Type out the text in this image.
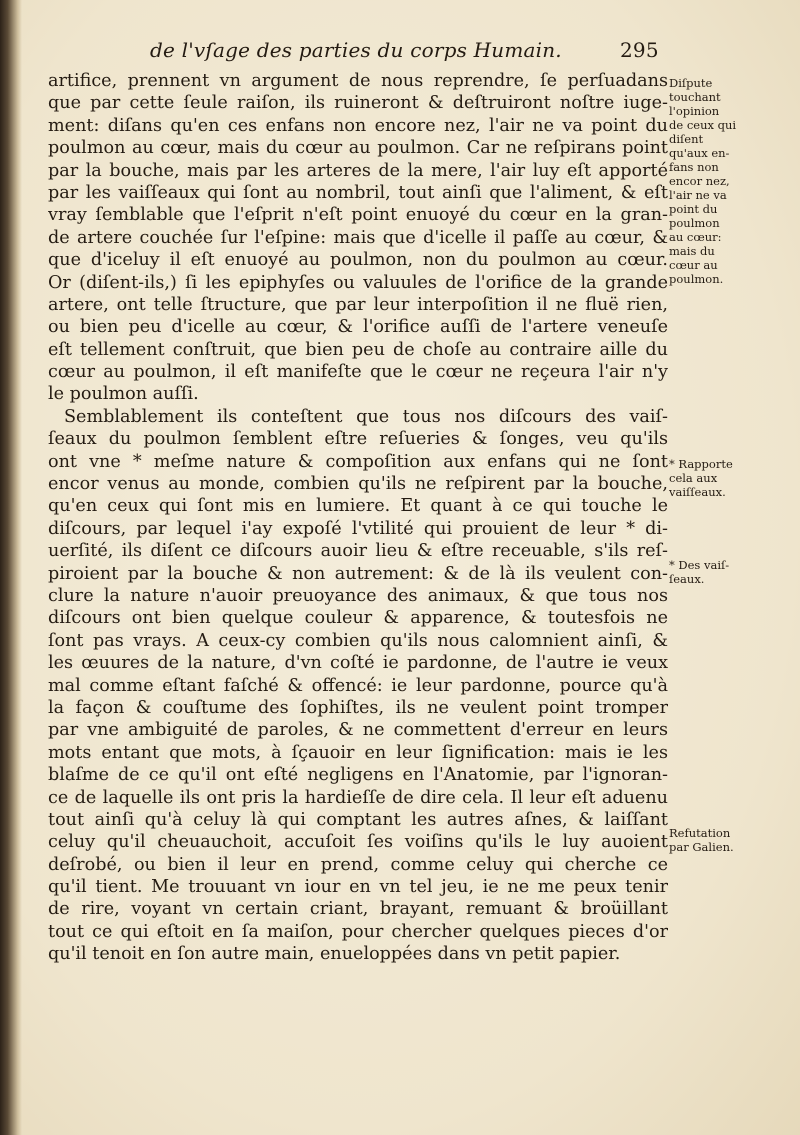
de l'vſage des parties du corps Humain.	295
artifice, prennent vn argument de nous reprendre, ſe perſuadans
que par cette ſeule raiſon, ils ruineront & deſtruiront noſtre iuge-
ment: diſans qu'en ces enfans non encore nez, l'air ne va point du
poulmon au cœur, mais du cœur au poulmon. Car ne reſpirans point
par la bouche, mais par les arteres de la mere, l'air luy eſt apporté
par les vaiſſeaux qui ſont au nombril, tout ainſi que l'aliment, & eſt
vray ſemblable que l'eſprit n'eſt point enuoyé du cœur en la gran-
de artere couchée ſur l'eſpine: mais que d'icelle il paſſe au cœur, &
que d'iceluy il eſt enuoyé au poulmon, non du poulmon au cœur.
Or (diſent-ils,) ſi les epiphyſes ou valuules de l'orifice de la grande
artere, ont telle ſtructure, que par leur interpoſition il ne fluë rien,
ou bien peu d'icelle au cœur, & l'orifice auſſi de l'artere veneuſe
eſt tellement conſtruit, que bien peu de choſe au contraire aille du
cœur au poulmon, il eſt manifeſte que le cœur ne reçeura l'air n'y
le poulmon auſſi.
Semblablement ils conteſtent que tous nos diſcours des vaiſ-
ſeaux du poulmon ſemblent eſtre reſueries & ſonges, veu qu'ils
ont vne * meſme nature & compoſition aux enfans qui ne ſont
encor venus au monde, combien qu'ils ne reſpirent par la bouche,
qu'en ceux qui ſont mis en lumiere. Et quant à ce qui touche le
diſcours, par lequel i'ay expoſé l'vtilité qui prouient de leur * di-
uerſité, ils diſent ce diſcours auoir lieu & eſtre receuable, s'ils reſ-
piroient par la bouche & non autrement: & de là ils veulent con-
clure la nature n'auoir preuoyance des animaux, & que tous nos
diſcours ont bien quelque couleur & apparence, & toutesfois ne
ſont pas vrays. A ceux-cy combien qu'ils nous calomnient ainſi, &
les œuures de la nature, d'vn coſté ie pardonne, de l'autre ie veux
mal comme eſtant faſché & offencé: ie leur pardonne, pource qu'à
la façon & couſtume des ſophiſtes, ils ne veulent point tromper
par vne ambiguité de paroles, & ne commettent d'erreur en leurs
mots entant que mots, à ſçauoir en leur ſignification: mais ie les
blaſme de ce qu'il ont eſté negligens en l'Anatomie, par l'ignoran-
ce de laquelle ils ont pris la hardieſſe de dire cela. Il leur eſt aduenu
tout ainſi qu'à celuy là qui comptant les autres aſnes, & laiſſant
celuy qu'il cheuauchoit, accuſoit ſes voiſins qu'ils le luy auoient
deſrobé, ou bien il leur en prend, comme celuy qui cherche ce
qu'il tient. Me trouuant vn iour en vn tel jeu, ie ne me peux tenir
de rire, voyant vn certain criant, brayant, remuant & broüillant
tout ce qui eſtoit en ſa maiſon, pour chercher quelques pieces d'or
qu'il tenoit en ſon autre main, enueloppées dans vn petit papier.
Diſpute
touchant
l'opinion
de ceux qui
diſent
qu'aux en-
fans non
encor nez,
l'air ne va
point du
poulmon
au cœur:
mais du
cœur au
poulmon.
* Rapporte
cela aux
vaiſſeaux.
* Des vaiſ-
ſeaux.
Refutation
par Galien.
